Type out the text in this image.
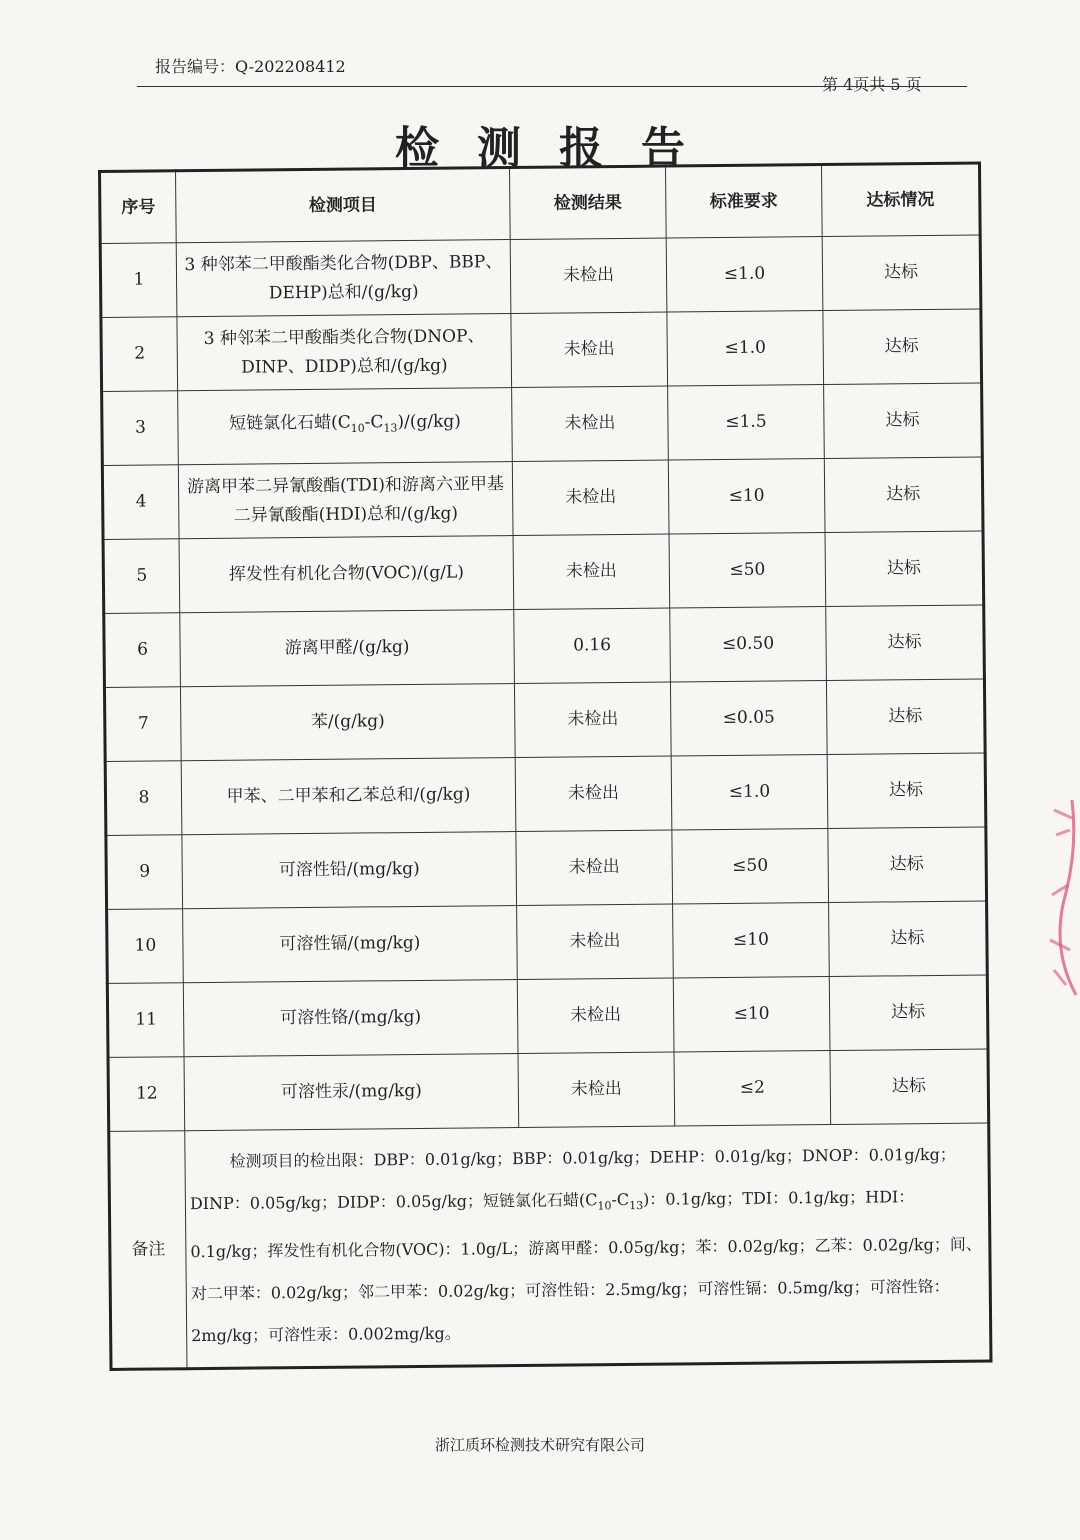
报告编号：Q-202208412
第 4页共 5 页
检测报告
序号	检测项目	检测结果	标准要求	达标情况
1	3 种邻苯二甲酸酯类化合物(DBP、BBP、DEHP)总和/(g/kg)	未检出	≤1.0	达标
2	3 种邻苯二甲酸酯类化合物(DNOP、DINP、DIDP)总和/(g/kg)	未检出	≤1.0	达标
3	短链氯化石蜡$(C_{10}-C_{13})/(g/kg)$	未检出	≤1.5	达标
4	游离甲苯二异氰酸酯(TDI)和游离六亚甲基二异氰酸酯(HDI)总和/(g/kg)	未检出	≤10	达标
5	挥发性有机化合物(VOC)/(g/L)	未检出	≤50	达标
6	游离甲醛/(g/kg)	0.16	≤0.50	达标
7	苯/(g/kg)	未检出	≤0.05	达标
8	甲苯、二甲苯和乙苯总和/(g/kg)	未检出	≤1.0	达标
9	可溶性铅/(mg/kg)	未检出	≤50	达标
10	可溶性镉/(mg/kg)	未检出	≤10	达标
11	可溶性铬/(mg/kg)	未检出	≤10	达标
12	可溶性汞/(mg/kg)	未检出	≤2	达标
备注	检测项目的检出限：DBP：0.01g/kg；BBP：0.01g/kg；DEHP：0.01g/kg；DNOP：0.01g/kg；DINP：0.05g/kg；DIDP：0.05g/kg；短链氯化石蜡$(C_{10}-C_{13})$：0.1g/kg；TDI：0.1g/kg；HDI：0.1g/kg；挥发性有机化合物(VOC)：1.0g/L；游离甲醛：0.05g/kg；苯：0.02g/kg；乙苯：0.02g/kg；间、对二甲苯：0.02g/kg；邻二甲苯：0.02g/kg；可溶性铅：2.5mg/kg；可溶性镉：0.5mg/kg；可溶性铬：2mg/kg；可溶性汞：0.002mg/kg。			
浙江质环检测技术研究有限公司
